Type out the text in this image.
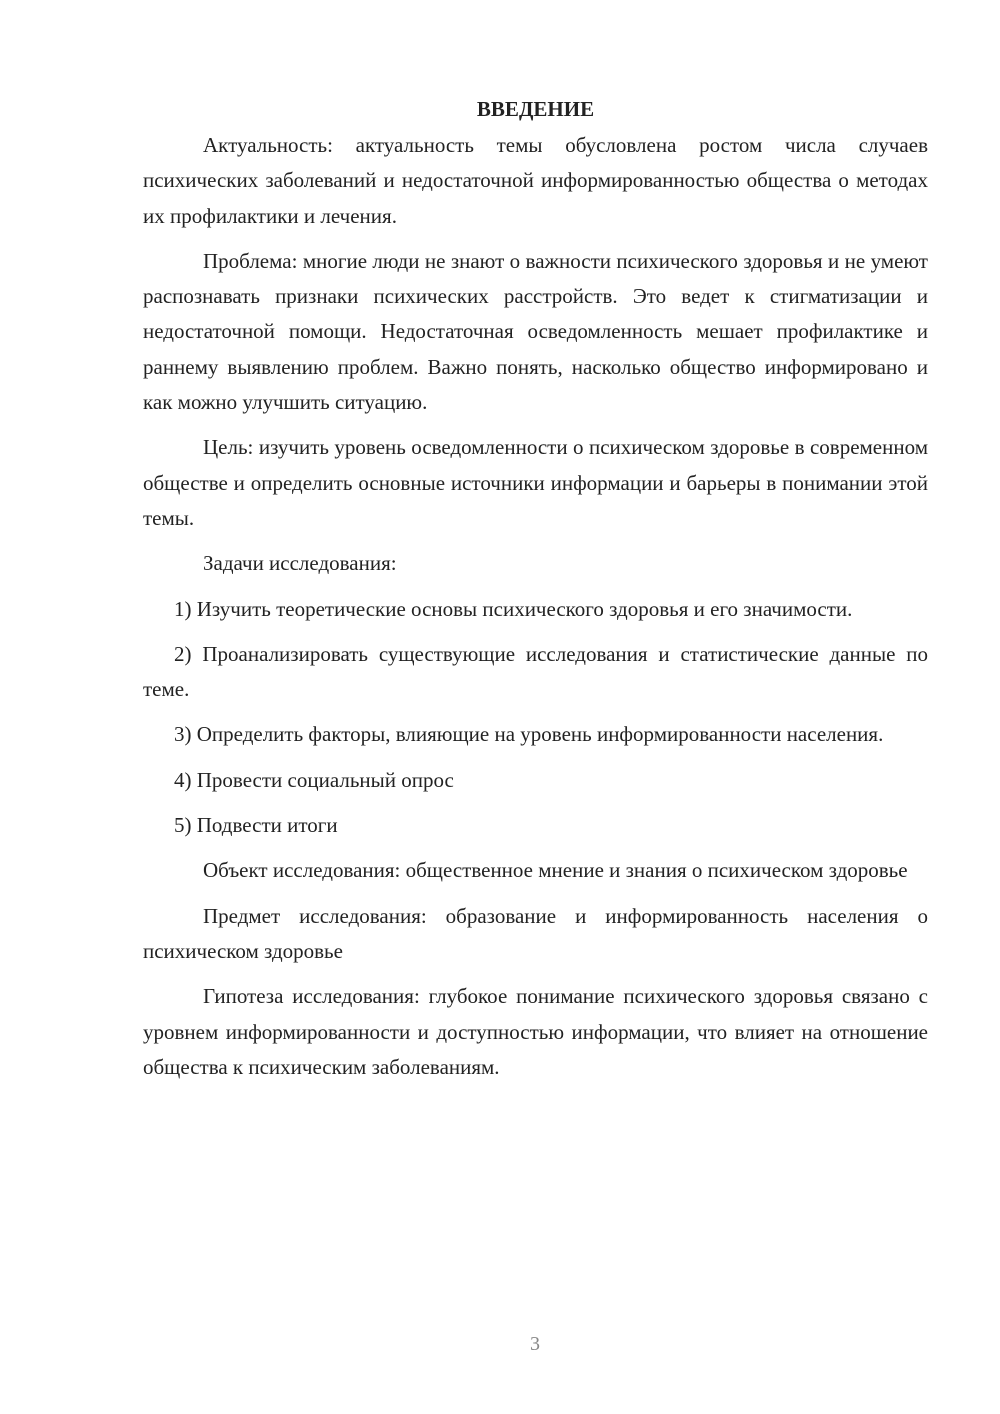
ВВЕДЕНИЕ

Актуальность: актуальность темы обусловлена ростом числа случаев психических заболеваний и недостаточной информированностью общества о методах их профилактики и лечения.

Проблема: многие люди не знают о важности психического здоровья и не умеют распознавать признаки психических расстройств. Это ведет к стигматизации и недостаточной помощи. Недостаточная осведомленность мешает профилактике и раннему выявлению проблем. Важно понять, насколько общество информировано и как можно улучшить ситуацию.

Цель: изучить уровень осведомленности о психическом здоровье в современном обществе и определить основные источники информации и барьеры в понимании этой темы.

Задачи исследования:

1) Изучить теоретические основы психического здоровья и его значимости.

2) Проанализировать существующие исследования и статистические данные по теме.

3) Определить факторы, влияющие на уровень информированности населения.

4) Провести социальный опрос

5) Подвести итоги

Объект исследования: общественное мнение и знания о психическом здоровье

Предмет исследования: образование и информированность населения о психическом здоровье

Гипотеза исследования: глубокое понимание психического здоровья связано с уровнем информированности и доступностью информации, что влияет на отношение общества к психическим заболеваниям.

3
